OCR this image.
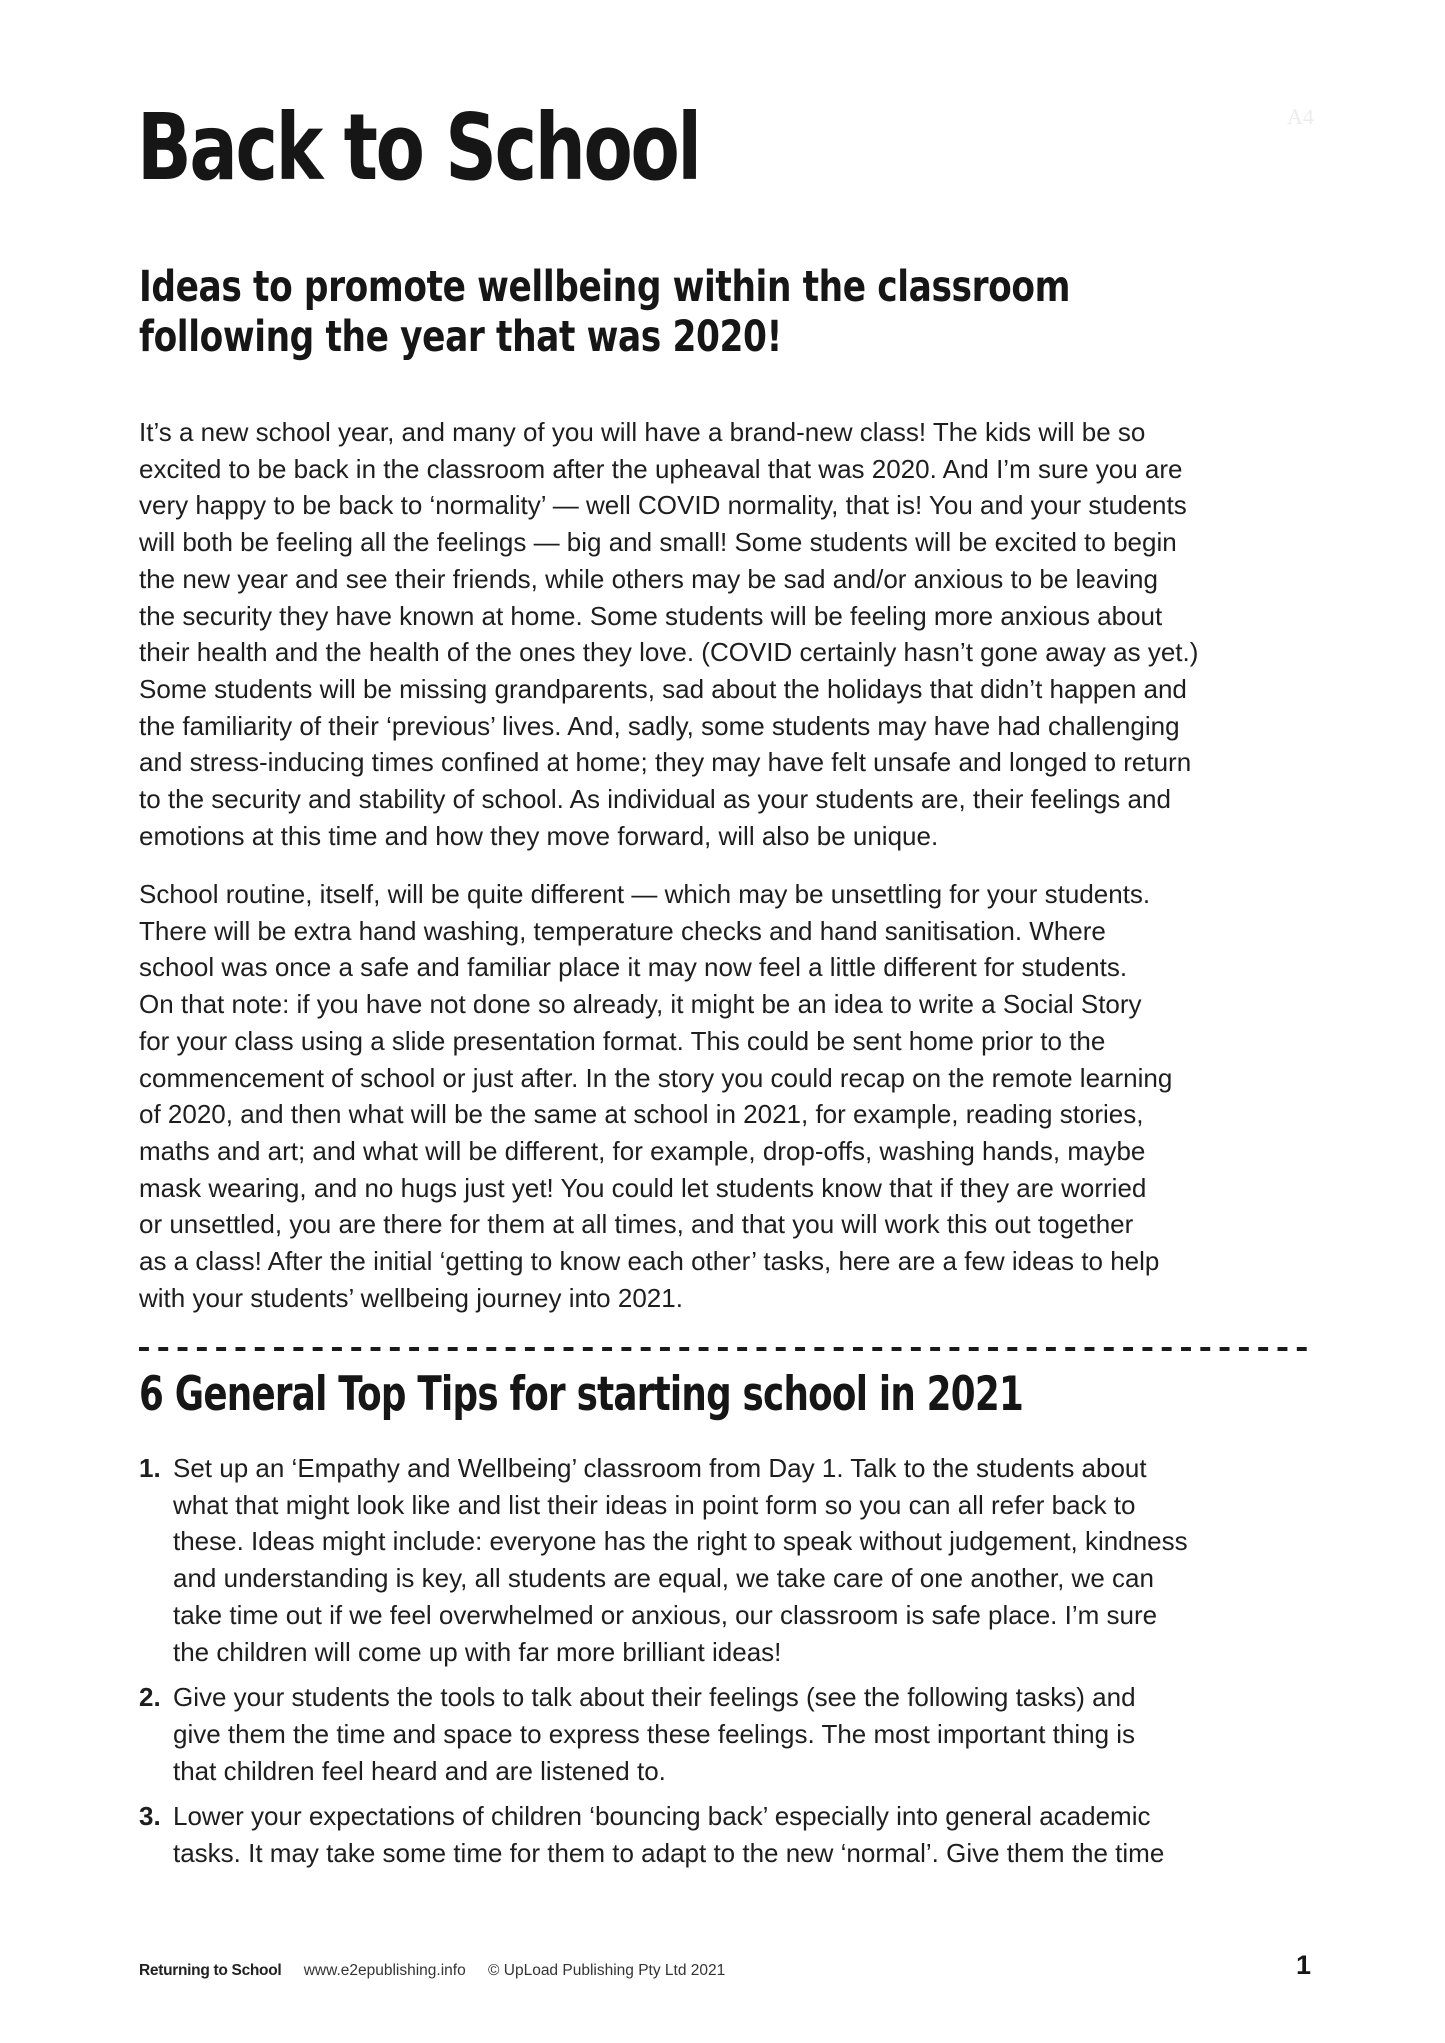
A4
Back to School
Ideas to promote wellbeing within the classroom
following the year that was 2020!

It’s a new school year, and many of you will have a brand-new class! The kids will be so
excited to be back in the classroom after the upheaval that was 2020. And I’m sure you are
very happy to be back to ‘normality’ — well COVID normality, that is! You and your students
will both be feeling all the feelings — big and small! Some students will be excited to begin
the new year and see their friends, while others may be sad and/or anxious to be leaving
the security they have known at home. Some students will be feeling more anxious about
their health and the health of the ones they love. (COVID certainly hasn’t gone away as yet.)
Some students will be missing grandparents, sad about the holidays that didn’t happen and
the familiarity of their ‘previous’ lives. And, sadly, some students may have had challenging
and stress-inducing times confined at home; they may have felt unsafe and longed to return
to the security and stability of school. As individual as your students are, their feelings and
emotions at this time and how they move forward, will also be unique.

School routine, itself, will be quite different — which may be unsettling for your students.
There will be extra hand washing, temperature checks and hand sanitisation. Where
school was once a safe and familiar place it may now feel a little different for students.
On that note: if you have not done so already, it might be an idea to write a Social Story
for your class using a slide presentation format. This could be sent home prior to the
commencement of school or just after. In the story you could recap on the remote learning
of 2020, and then what will be the same at school in 2021, for example, reading stories,
maths and art; and what will be different, for example, drop-offs, washing hands, maybe
mask wearing, and no hugs just yet! You could let students know that if they are worried
or unsettled, you are there for them at all times, and that you will work this out together
as a class! After the initial ‘getting to know each other’ tasks, here are a few ideas to help
with your students’ wellbeing journey into 2021.

6 General Top Tips for starting school in 2021
1. Set up an ‘Empathy and Wellbeing’ classroom from Day 1. Talk to the students about
what that might look like and list their ideas in point form so you can all refer back to
these. Ideas might include: everyone has the right to speak without judgement, kindness
and understanding is key, all students are equal, we take care of one another, we can
take time out if we feel overwhelmed or anxious, our classroom is safe place. I’m sure
the children will come up with far more brilliant ideas!
2. Give your students the tools to talk about their feelings (see the following tasks) and
give them the time and space to express these feelings. The most important thing is
that children feel heard and are listened to.
3. Lower your expectations of children ‘bouncing back’ especially into general academic
tasks. It may take some time for them to adapt to the new ‘normal’. Give them the time
Returning to School www.e2epublishing.info © UpLoad Publishing Pty Ltd 2021	1
